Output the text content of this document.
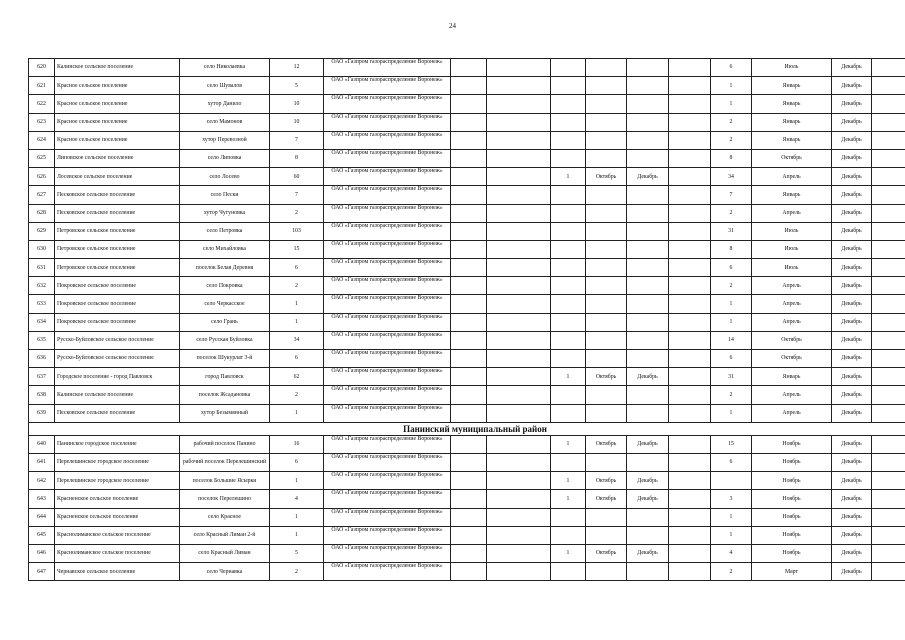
24
620	Калинское сельское поселение	село Николаевка	12	ОАО «Газпром газораспределение Воронеж»							6	Июль	Декабрь	
621	Красное сельское поселение	село Шувалов	5	ОАО «Газпром газораспределение Воронеж»							1	Январь	Декабрь	
622	Красное сельское поселение	хутор Данило	10	ОАО «Газпром газораспределение Воронеж»							1	Январь	Декабрь	
623	Красное сельское поселение	село Мамонов	10	ОАО «Газпром газораспределение Воронеж»							2	Январь	Декабрь	
624	Красное сельское поселение	хутор Перевозной	7	ОАО «Газпром газораспределение Воронеж»							2	Январь	Декабрь	
625	Липовское сельское поселение	село Липовка	8	ОАО «Газпром газораспределение Воронеж»							8	Октябрь	Декабрь	
626	Лосевское сельское поселение	село Лосево	60	ОАО «Газпром газораспределение Воронеж»			1	Октябрь	Декабрь		34	Апрель	Декабрь	
627	Песковское сельское поселение	село Пески	7	ОАО «Газпром газораспределение Воронеж»							7	Январь	Декабрь	
628	Песковское сельское поселение	хутор Чугуновка	2	ОАО «Газпром газораспределение Воронеж»							2	Апрель	Декабрь	
629	Петровское сельское поселение	село Петровка	103	ОАО «Газпром газораспределение Воронеж»							31	Июль	Декабрь	
630	Петровское сельское поселение	село Михайловка	15	ОАО «Газпром газораспределение Воронеж»							8	Июль	Декабрь	
631	Петровское сельское поселение	поселок Белая Деревня	6	ОАО «Газпром газораспределение Воронеж»							6	Июль	Декабрь	
632	Покровское сельское поселение	село Покровка	2	ОАО «Газпром газораспределение Воронеж»							2	Апрель	Декабрь	
633	Покровское сельское поселение	село Черкасское	1	ОАО «Газпром газораспределение Воронеж»							1	Апрель	Декабрь	
634	Покровское сельское поселение	село Грань	1	ОАО «Газпром газораспределение Воронеж»							1	Апрель	Декабрь	
635	Русско-Буйловское сельское поселение	село Русская Буйловка	34	ОАО «Газпром газораспределение Воронеж»							14	Октябрь	Декабрь	
636	Русско-Буйловское сельское поселение	поселок Шукурлат 3-й	6	ОАО «Газпром газораспределение Воронеж»							6	Октябрь	Декабрь	
637	Городское поселение - город Павловск	город Павловск	62	ОАО «Газпром газораспределение Воронеж»			1	Октябрь	Декабрь		31	Январь	Декабрь	
638	Калинское сельское поселение	поселок Жсадановка	2	ОАО «Газпром газораспределение Воронеж»							2	Апрель	Декабрь	
639	Песковское сельское поселение	хутор Безымянный	1	ОАО «Газпром газораспределение Воронеж»							1	Апрель	Декабрь	
Панинский муниципальный район														
640	Панинское городское поселение	рабочий поселок Панино	16	ОАО «Газпром газораспределение Воронеж»			1	Октябрь	Декабрь		15	Ноябрь	Декабрь	
641	Перелешинское городское поселение	рабочий поселок Перелешинский	6	ОАО «Газпром газораспределение Воронеж»							6	Ноябрь	Декабрь	
642	Перелешинское городское поселение	поселок Большие Ясырки	1	ОАО «Газпром газораспределение Воронеж»			1	Октябрь	Декабрь			Ноябрь	Декабрь	
643	Красненское сельское поселение	поселок Перелешино	4	ОАО «Газпром газораспределение Воронеж»			1	Октябрь	Декабрь		3	Ноябрь	Декабрь	
644	Красненское сельское поселение	село Красное	1	ОАО «Газпром газораспределение Воронеж»							1	Ноябрь	Декабрь	
645	Краснолиманское сельское поселение	село Красный Лиман 2-й	1	ОАО «Газпром газораспределение Воронеж»							1	Ноябрь	Декабрь	
646	Краснолиманское сельское поселение	село Красный Лиман	5	ОАО «Газпром газораспределение Воронеж»			1	Октябрь	Декабрь		4	Ноябрь	Декабрь	
647	Чернавское сельское поселение	село Чернавка	2	ОАО «Газпром газораспределение Воронеж»							2	Март	Декабрь	
